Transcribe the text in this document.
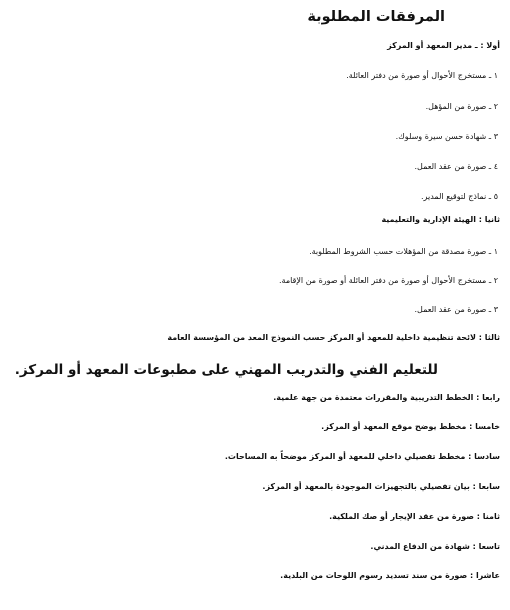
المرفقات المطلوبة
أولا : ـ مدير المعهد أو المركز
١ ـ مستخرج الأحوال أو صورة من دفتر العائلة.
٢ ـ صورة من المؤهل.
٣ ـ شهادة حسن سيرة وسلوك.
٤ ـ صورة من عقد العمل.
٥ ـ نماذج لتوقيع المدير.
ثانيا : الهيئة الإدارية والتعليمية
١ ـ صورة مصدقة من المؤهلات حسب الشروط المطلوبة.
٢ ـ مستخرج الأحوال أو صورة من دفتر العائلة أو صورة من الإقامة.
٣ ـ صورة من عقد العمل.
ثالثا : لائحة تنظيمية داخلية للمعهد أو المركز حسب النموذج المعد من المؤسسة العامة
للتعليم الفني والتدريب المهني على مطبوعات المعهد أو المركز.
رابعا : الخطط التدريبية والمقررات معتمدة من جهة علمية.
خامسا : مخطط يوضح موقع المعهد أو المركز.
سادسا : مخطط تفصيلي داخلي للمعهد أو المركز موضحاً به المساحات.
سابعا : بيان تفصيلي بالتجهيزات الموجودة بالمعهد أو المركز.
ثامنا : صورة من عقد الإيجار أو صك الملكية.
تاسعا : شهادة من الدفاع المدني.
عاشرا : صورة من سند تسديد رسوم اللوحات من البلدية.
